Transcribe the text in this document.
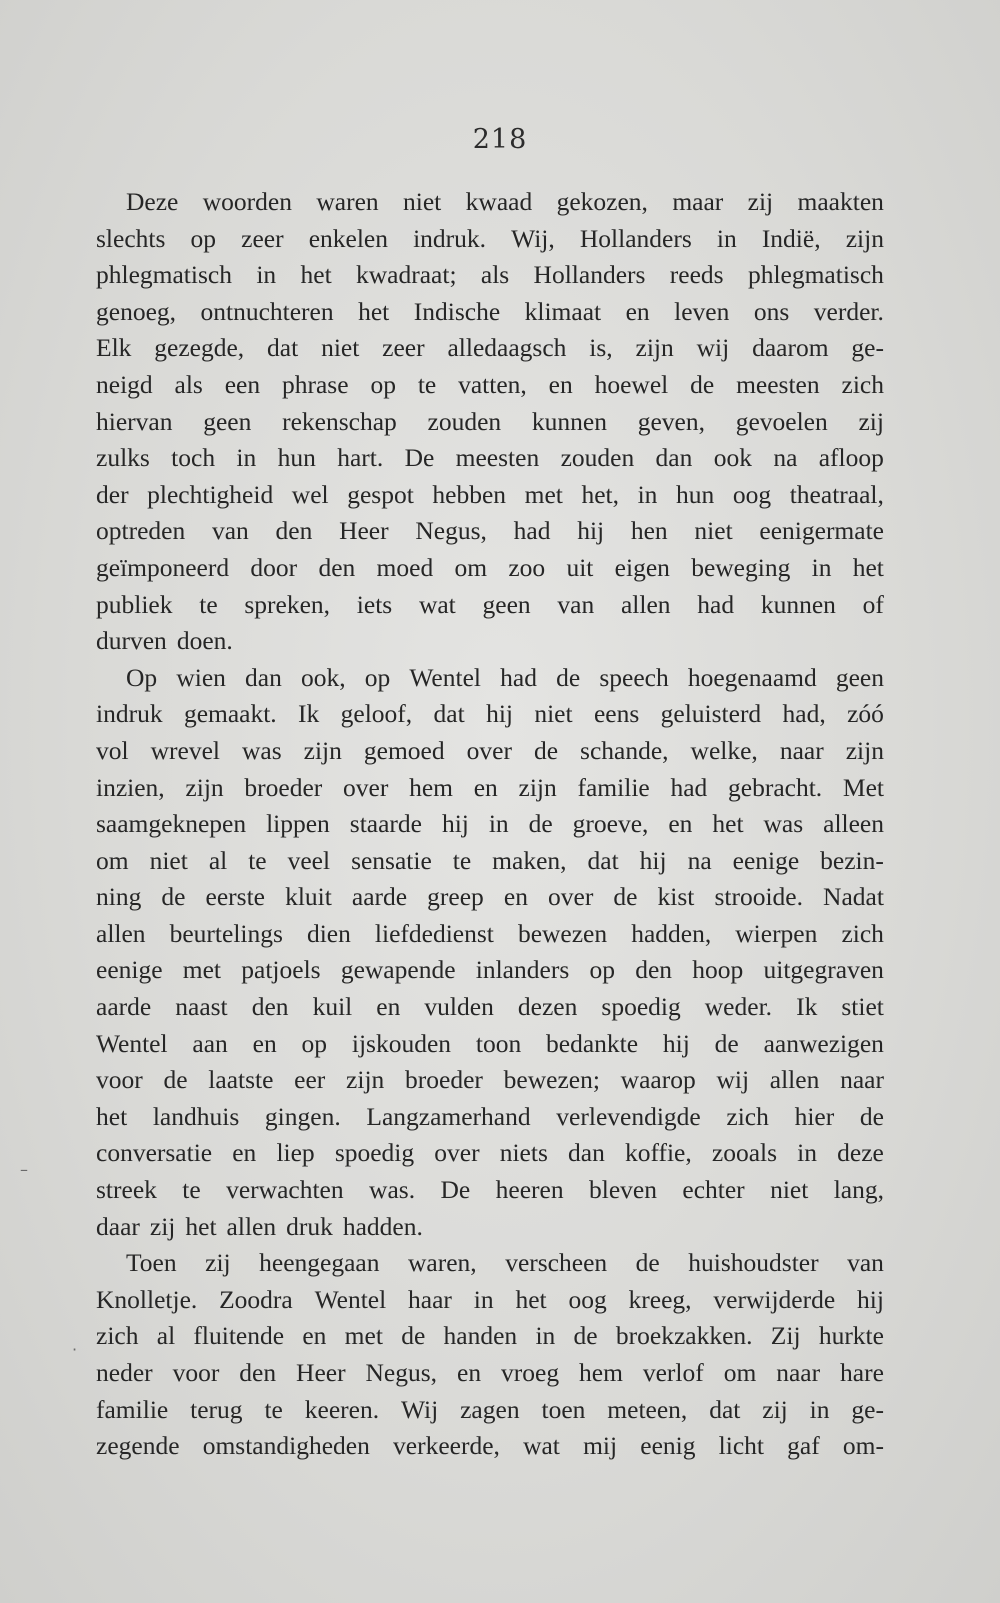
218
Deze woorden waren niet kwaad gekozen, maar zij maakten
slechts op zeer enkelen indruk. Wij, Hollanders in Indië, zijn
phlegmatisch in het kwadraat; als Hollanders reeds phlegmatisch
genoeg, ontnuchteren het Indische klimaat en leven ons verder.
Elk gezegde, dat niet zeer alledaagsch is, zijn wij daarom ge-
neigd als een phrase op te vatten, en hoewel de meesten zich
hiervan geen rekenschap zouden kunnen geven, gevoelen zij
zulks toch in hun hart. De meesten zouden dan ook na afloop
der plechtigheid wel gespot hebben met het, in hun oog theatraal,
optreden van den Heer Negus, had hij hen niet eenigermate
geïmponeerd door den moed om zoo uit eigen beweging in het
publiek te spreken, iets wat geen van allen had kunnen of
durven doen.
Op wien dan ook, op Wentel had de speech hoegenaamd geen
indruk gemaakt. Ik geloof, dat hij niet eens geluisterd had, zóó
vol wrevel was zijn gemoed over de schande, welke, naar zijn
inzien, zijn broeder over hem en zijn familie had gebracht. Met
saamgeknepen lippen staarde hij in de groeve, en het was alleen
om niet al te veel sensatie te maken, dat hij na eenige bezin-
ning de eerste kluit aarde greep en over de kist strooide. Nadat
allen beurtelings dien liefdedienst bewezen hadden, wierpen zich
eenige met patjoels gewapende inlanders op den hoop uitgegraven
aarde naast den kuil en vulden dezen spoedig weder. Ik stiet
Wentel aan en op ijskouden toon bedankte hij de aanwezigen
voor de laatste eer zijn broeder bewezen; waarop wij allen naar
het landhuis gingen. Langzamerhand verlevendigde zich hier de
conversatie en liep spoedig over niets dan koffie, zooals in deze
streek te verwachten was. De heeren bleven echter niet lang,
daar zij het allen druk hadden.
Toen zij heengegaan waren, verscheen de huishoudster van
Knolletje. Zoodra Wentel haar in het oog kreeg, verwijderde hij
zich al fluitende en met de handen in de broekzakken. Zij hurkte
neder voor den Heer Negus, en vroeg hem verlof om naar hare
familie terug te keeren. Wij zagen toen meteen, dat zij in ge-
zegende omstandigheden verkeerde, wat mij eenig licht gaf om-
–
·
